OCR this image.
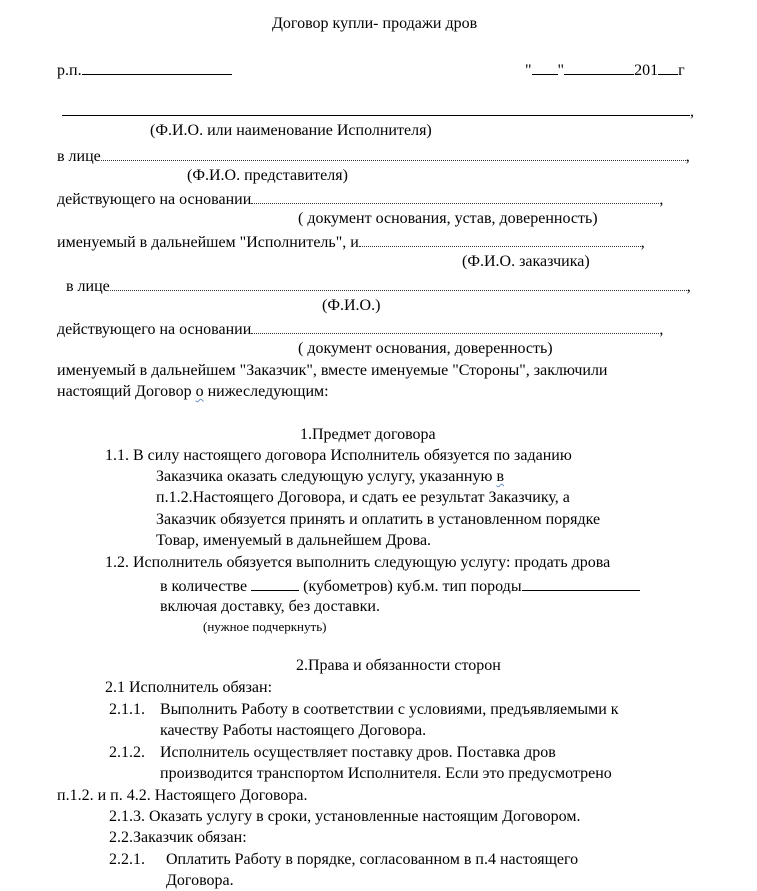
Договор купли- продажи дров
р.п.	" "	201 г
,
(Ф.И.О. или наименование Исполнителя)
в лице	,
(Ф.И.О. представителя)
действующего на основании	,
( документ основания, устав, доверенность)
именуемый в дальнейшем "Исполнитель", и	,
(Ф.И.О. заказчика)
в лице	,
(Ф.И.О.)
действующего на основании	,
( документ основания, доверенность)
именуемый в дальнейшем "Заказчик", вместе именуемые "Стороны", заключили
настоящий Договор о нижеследующим:
1.Предмет договора
1.1. В силу настоящего договора Исполнитель обязуется по заданию
Заказчика оказать следующую услугу, указанную в
п.1.2.Настоящего Договора, и сдать ее результат Заказчику, а
Заказчик обязуется принять и оплатить в установленном порядке
Товар, именуемый в дальнейшем Дрова.
1.2. Исполнитель обязуется выполнить следующую услугу: продать дрова
в количестве	(кубометров) куб.м. тип породы
включая доставку, без доставки.
(нужное подчеркнуть)
2.Права и обязанности сторон
2.1 Исполнитель обязан:
2.1.1. Выполнить Работу в соответствии с условиями, предъявляемыми к
качеству Работы настоящего Договора.
2.1.2. Исполнитель осуществляет поставку дров. Поставка дров
производится транспортом Исполнителя. Если это предусмотрено
п.1.2. и п. 4.2. Настоящего Договора.
2.1.3. Оказать услугу в сроки, установленные настоящим Договором.
2.2.Заказчик обязан:
2.2.1. Оплатить Работу в порядке, согласованном в п.4 настоящего
Договора.
